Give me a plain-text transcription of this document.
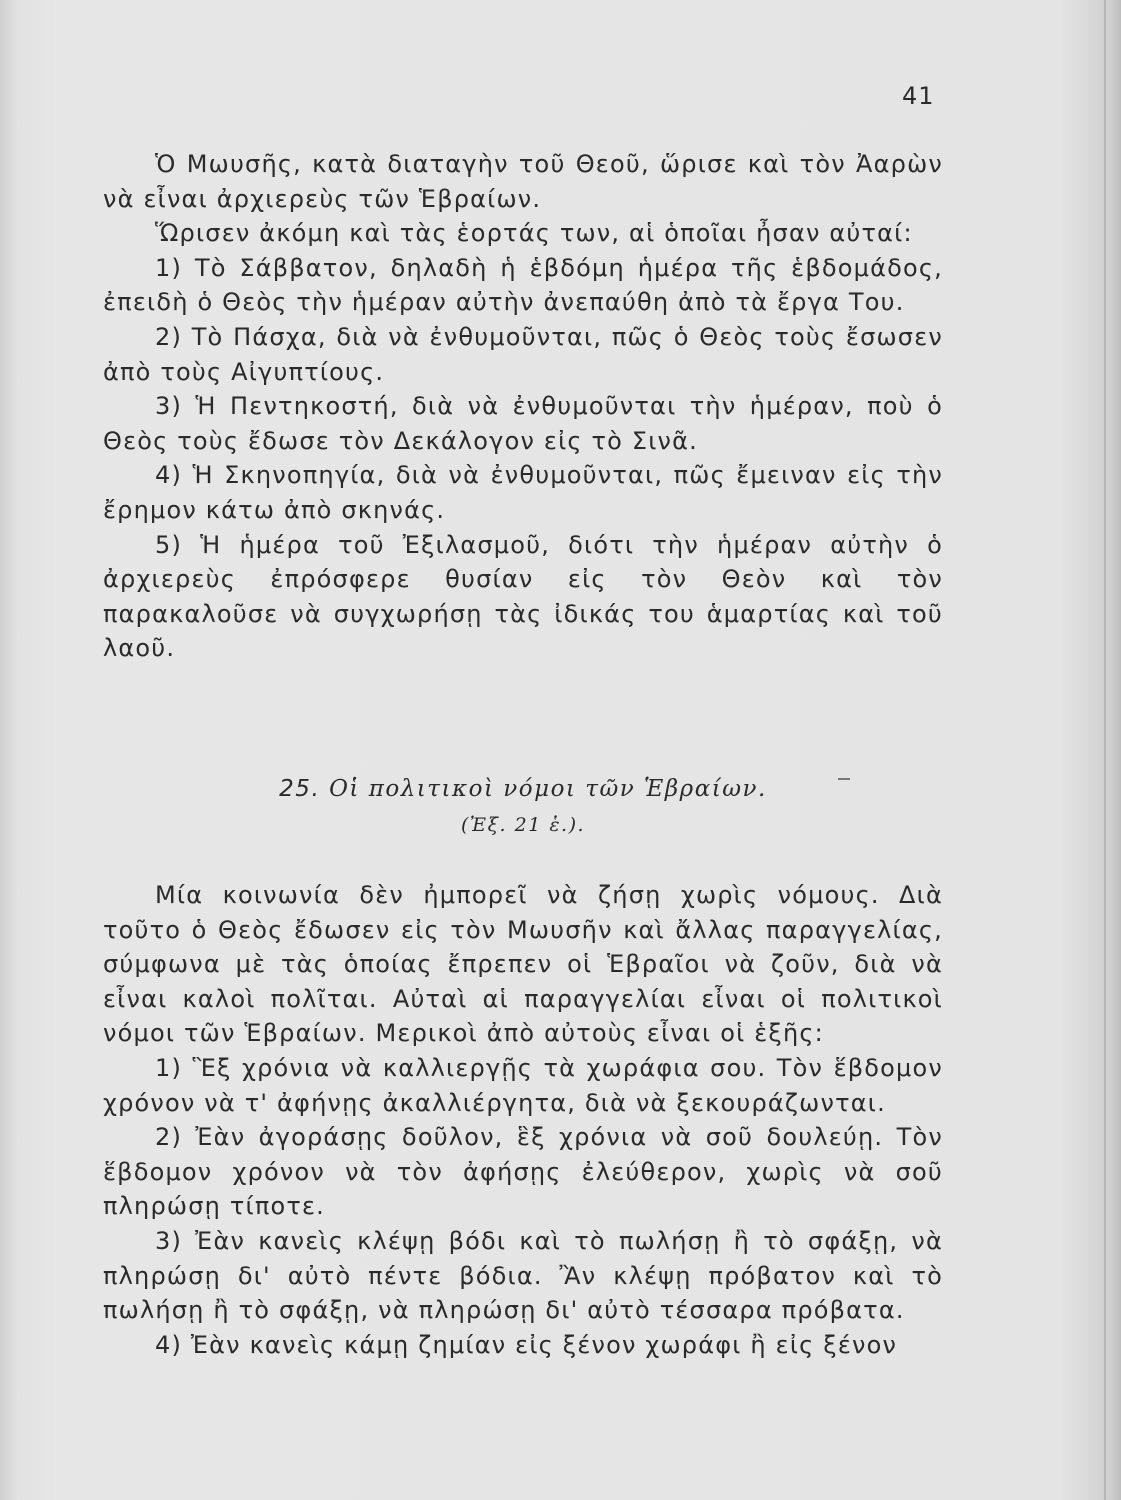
41

Ὁ Μωυσῆς, κατὰ διαταγὴν τοῦ Θεοῦ, ὥρισε καὶ τὸν Ἀαρὼν νὰ εἶναι ἀρχιερεὺς τῶν Ἑβραίων.

Ὥρισεν ἀκόμη καὶ τὰς ἑορτάς των, αἱ ὁποῖαι ἦσαν αὐταί:

1) Τὸ Σάββατον, δηλαδὴ ἡ ἑβδόμη ἡμέρα τῆς ἑβδομάδος, ἐπειδὴ ὁ Θεὸς τὴν ἡμέραν αὐτὴν ἀνεπαύθη ἀπὸ τὰ ἔργα Του.

2) Τὸ Πάσχα, διὰ νὰ ἐνθυμοῦνται, πῶς ὁ Θεὸς τοὺς ἔσωσεν ἀπὸ τοὺς Αἰγυπτίους.

3) Ἡ Πεντηκοστή, διὰ νὰ ἐνθυμοῦνται τὴν ἡμέραν, ποὺ ὁ Θεὸς τοὺς ἔδωσε τὸν Δεκάλογον εἰς τὸ Σινᾶ.

4) Ἡ Σκηνοπηγία, διὰ νὰ ἐνθυμοῦνται, πῶς ἔμειναν εἰς τὴν ἔρημον κάτω ἀπὸ σκηνάς.

5) Ἡ ἡμέρα τοῦ Ἐξιλασμοῦ, διότι τὴν ἡμέραν αὐτὴν ὁ ἀρχιερεὺς ἐπρόσφερε θυσίαν εἰς τὸν Θεὸν καὶ τὸν παρακαλοῦσε νὰ συγχωρήσῃ τὰς ἰδικάς του ἁμαρτίας καὶ τοῦ λαοῦ.

25. Οἱ πολιτικοὶ νόμοι τῶν Ἑβραίων.
(Ἐξ. 21 ἑ.).

Μία κοινωνία δὲν ἠμπορεῖ νὰ ζήσῃ χωρὶς νόμους. Διὰ τοῦτο ὁ Θεὸς ἔδωσεν εἰς τὸν Μωυσῆν καὶ ἄλλας παραγγελίας, σύμφωνα μὲ τὰς ὁποίας ἔπρεπεν οἱ Ἑβραῖοι νὰ ζοῦν, διὰ νὰ εἶναι καλοὶ πολῖται. Αὐταὶ αἱ παραγγελίαι εἶναι οἱ πολιτικοὶ νόμοι τῶν Ἑβραίων. Μερικοὶ ἀπὸ αὐτοὺς εἶναι οἱ ἑξῆς:

1) Ἓξ χρόνια νὰ καλλιεργῇς τὰ χωράφια σου. Τὸν ἕβδομον χρόνον νὰ τ' ἀφήνῃς ἀκαλλιέργητα, διὰ νὰ ξεκουράζωνται.

2) Ἐὰν ἀγοράσῃς δοῦλον, ἓξ χρόνια νὰ σοῦ δουλεύῃ. Τὸν ἕβδομον χρόνον νὰ τὸν ἀφήσῃς ἐλεύθερον, χωρὶς νὰ σοῦ πληρώσῃ τίποτε.

3) Ἐὰν κανεὶς κλέψῃ βόδι καὶ τὸ πωλήσῃ ἢ τὸ σφάξῃ, νὰ πληρώσῃ δι' αὐτὸ πέντε βόδια. Ἂν κλέψῃ πρόβατον καὶ τὸ πωλήσῃ ἢ τὸ σφάξῃ, νὰ πληρώσῃ δι' αὐτὸ τέσσαρα πρόβατα.

4) Ἐὰν κανεὶς κάμῃ ζημίαν εἰς ξένον χωράφι ἢ εἰς ξένον
